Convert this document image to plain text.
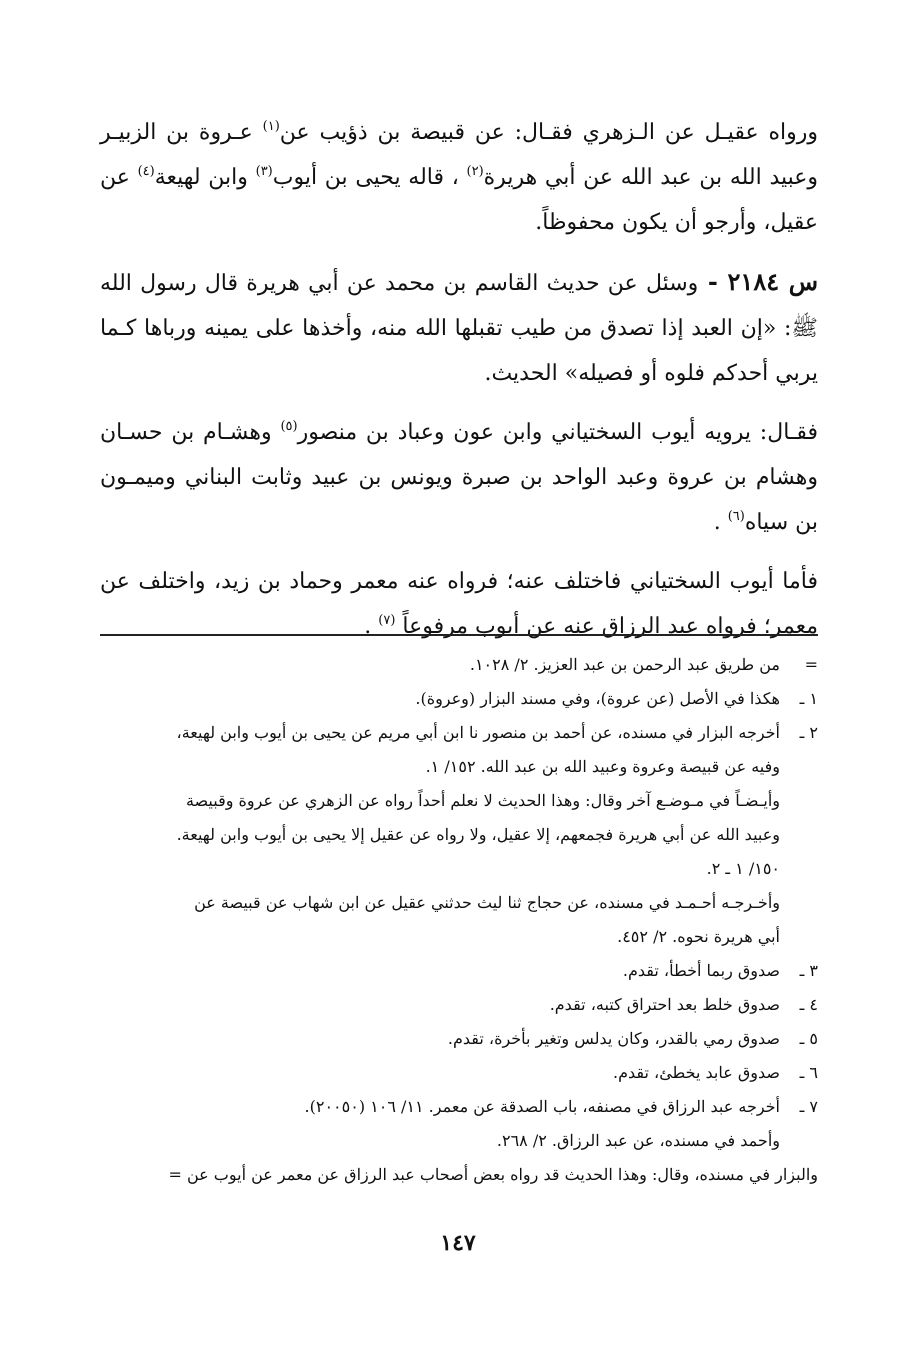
ورواه عقيـل عن الـزهري فقـال: عن قبيصة بن ذؤيب عن$^{(١)}$ عـروة بن الزبيـر وعبيد الله بن عبد الله عن أبي هريرة$^{(٢)}$ ، قاله يحيى بن أيوب$^{(٣)}$ وابن لهيعة$^{(٤)}$ عن عقيل، وأرجو أن يكون محفوظاً.

س ٢١٨٤ - وسئل عن حديث القاسم بن محمد عن أبي هريرة قال رسول الله ﷺ: «إن العبد إذا تصدق من طيب تقبلها الله منه، وأخذها على يمينه ورباها كـما يربي أحدكم فلوه أو فصيله» الحديث.

فقـال: يرويه أيوب السختياني وابن عون وعباد بن منصور$^{(٥)}$ وهشـام بن حسـان وهشام بن عروة وعبد الواحد بن صبرة ويونس بن عبيد وثابت البناني وميمـون بن سياه$^{(٦)}$ .

فأما أيوب السختياني فاختلف عنه؛ فرواه عنه معمر وحماد بن زيد، واختلف عن معمر؛ فرواه عبد الرزاق عنه عن أيوب مرفوعاً $^{(٧)}$ .

=
من طريق عبد الرحمن بن عبد العزيز. ٢/ ١٠٢٨.
١ ـ
هكذا في الأصل (عن عروة)، وفي مسند البزار (وعروة).
٢ ـ
أخرجه البزار في مسنده، عن أحمد بن منصور نا ابن أبي مريم عن يحيى بن أيوب وابن لهيعة،
وفيه عن قبيصة وعروة وعبيد الله بن عبد الله. ١٥٢/ ١.
وأيـضـاً في مـوضـع آخر وقال: وهذا الحديث لا نعلم أحداً رواه عن الزهري عن عروة وقبيصة
وعبيد الله عن أبي هريرة فجمعهم، إلا عقيل، ولا رواه عن عقيل إلا يحيى بن أيوب وابن لهيعة.
١٥٠/ ١ ـ ٢.
وأخـرجـه أحـمـد في مسنده، عن حجاج ثنا ليث حدثني عقيل عن ابن شهاب عن قبيصة عن
أبي هريرة نحوه. ٢/ ٤٥٢.
٣ ـ
صدوق ربما أخطأ، تقدم.
٤ ـ
صدوق خلط بعد احتراق كتبه، تقدم.
٥ ـ
صدوق رمي بالقدر، وكان يدلس وتغير بأخرة، تقدم.
٦ ـ
صدوق عابد يخطئ، تقدم.
٧ ـ
أخرجه عبد الرزاق في مصنفه، باب الصدقة عن معمر. ١١/ ١٠٦ (٢٠٠٥٠).
وأحمد في مسنده، عن عبد الرزاق. ٢/ ٢٦٨.
والبزار في مسنده، وقال: وهذا الحديث قد رواه بعض أصحاب عبد الرزاق عن معمر عن أيوب عن =
١٤٧
